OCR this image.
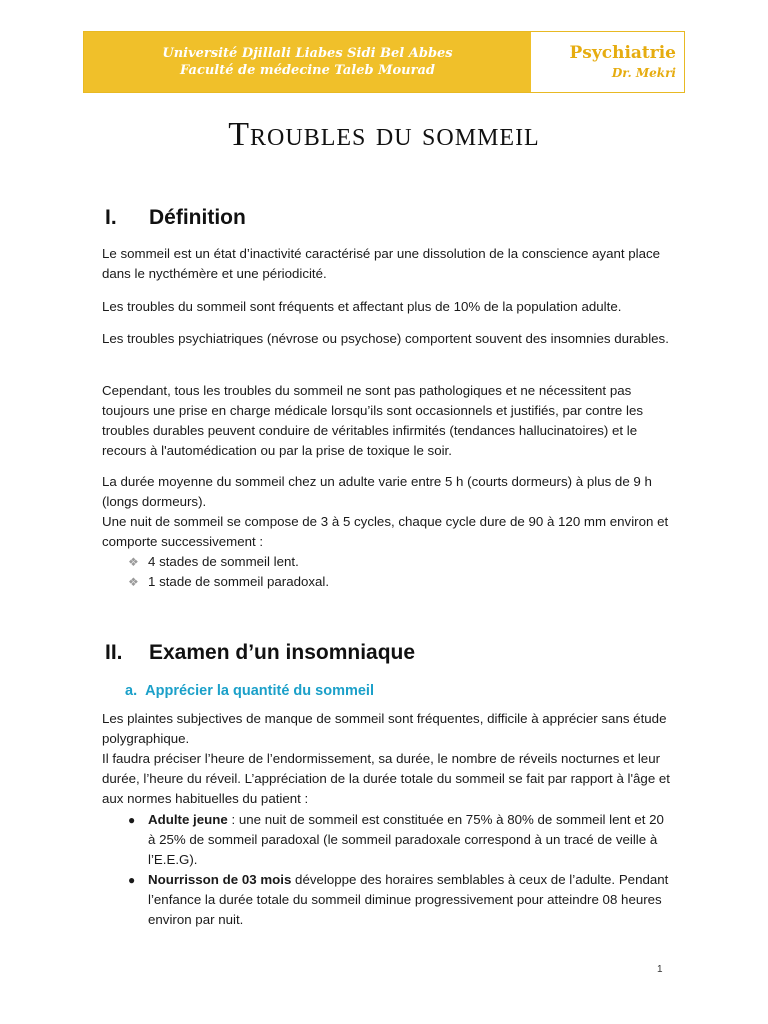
Université Djillali Liabes Sidi Bel Abbes
Faculté de médecine Taleb Mourad
Psychiatrie
Dr. Mekri
Troubles du sommeil
I. Définition
Le sommeil est un état d’inactivité caractérisé par une dissolution de la conscience ayant place dans le nycthémère et une périodicité.
Les troubles du sommeil sont fréquents et affectant plus de 10% de la population adulte.
Les troubles psychiatriques (névrose ou psychose) comportent souvent des insomnies durables.
Cependant, tous les troubles du sommeil ne sont pas pathologiques et ne nécessitent pas toujours une prise en charge médicale lorsqu’ils sont occasionnels et justifiés, par contre les troubles durables peuvent conduire de véritables infirmités (tendances hallucinatoires) et le recours à l'automédication ou par la prise de toxique le soir.
La durée moyenne du sommeil chez un adulte varie entre 5 h (courts dormeurs) à plus de 9 h (longs dormeurs).
Une nuit de sommeil se compose de 3 à 5 cycles, chaque cycle dure de 90 à 120 mm environ et comporte successivement :
❖ 4 stades de sommeil lent.
❖ 1 stade de sommeil paradoxal.
II. Examen d’un insomniaque
a. Apprécier la quantité du sommeil
Les plaintes subjectives de manque de sommeil sont fréquentes, difficile à apprécier sans étude polygraphique.
Il faudra préciser l’heure de l’endormissement, sa durée, le nombre de réveils nocturnes et leur durée, l’heure du réveil. L’appréciation de la durée totale du sommeil se fait par rapport à l'âge et aux normes habituelles du patient :
● Adulte jeune : une nuit de sommeil est constituée en 75% à 80% de sommeil lent et 20 à 25% de sommeil paradoxal (le sommeil paradoxale correspond à un tracé de veille à l’E.E.G).
● Nourrisson de 03 mois développe des horaires semblables à ceux de l’adulte. Pendant l’enfance la durée totale du sommeil diminue progressivement pour atteindre 08 heures environ par nuit.
1
